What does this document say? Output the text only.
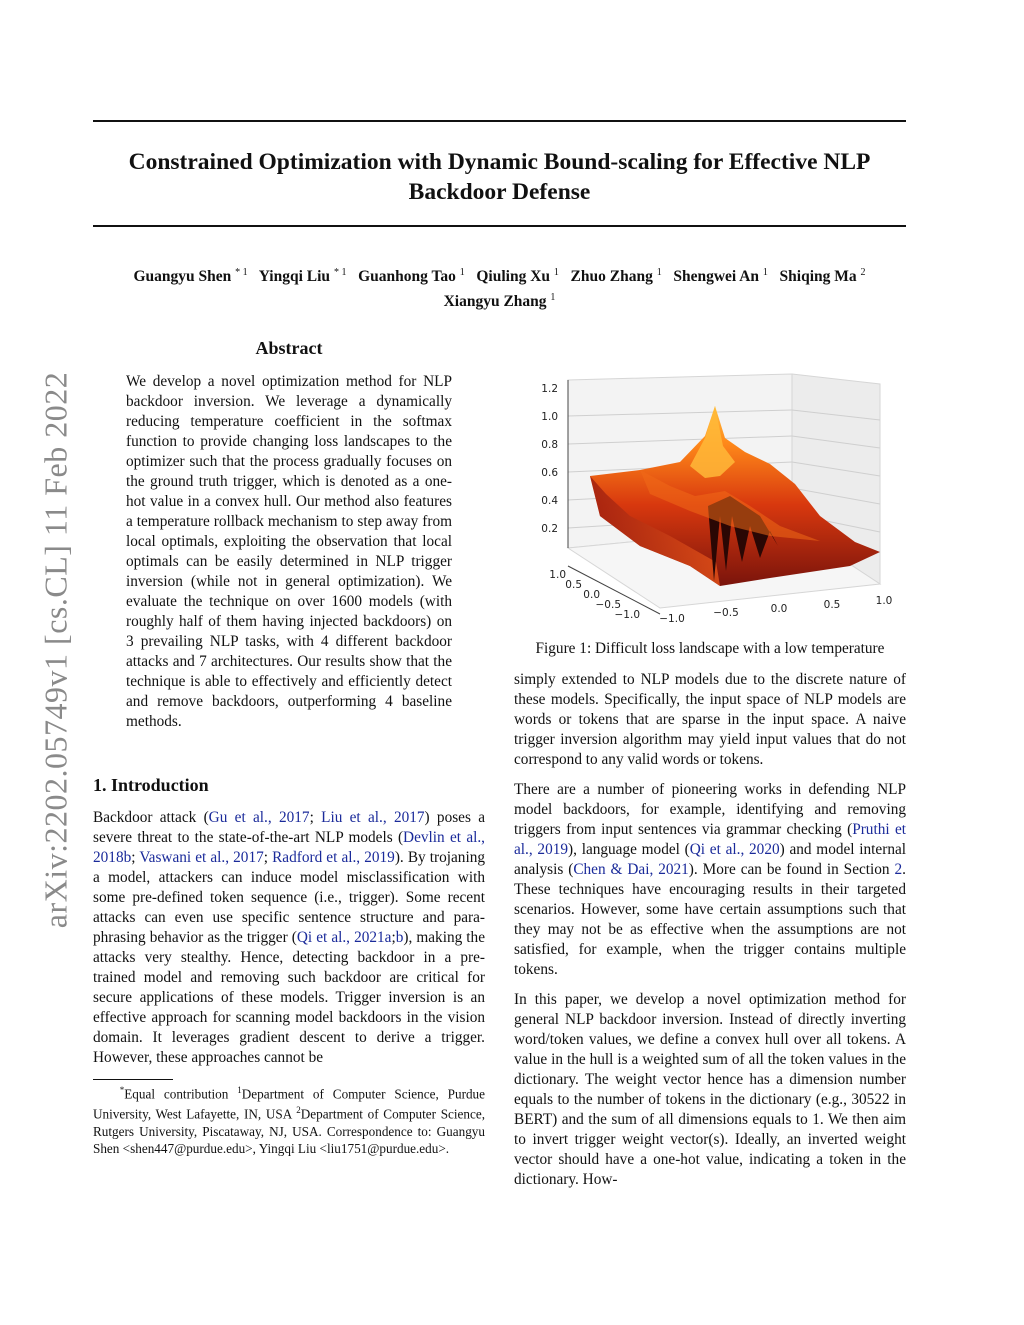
Constrained Optimization with Dynamic Bound-scaling for Effective NLP Backdoor Defense
Guangyu Shen $^{* 1}$ Yingqi Liu $^{* 1}$ Guanhong Tao $^1$ Qiuling Xu $^1$ Zhuo Zhang $^1$ Shengwei An $^1$ Shiqing Ma $^2$
Xiangyu Zhang $^1$
arXiv:2202.05749v1 [cs.CL] 11 Feb 2022
Abstract
We develop a novel optimization method for NLP backdoor inversion. We leverage a dynamically reducing temperature coefficient in the softmax function to provide changing loss landscapes to the optimizer such that the process gradually focuses on the ground truth trigger, which is denoted as a one-hot value in a convex hull. Our method also features a temperature rollback mechanism to step away from local optimals, exploiting the observation that local optimals can be easily determined in NLP trigger inversion (while not in general optimization). We evaluate the technique on over 1600 models (with roughly half of them having injected backdoors) on 3 prevailing NLP tasks, with 4 different backdoor attacks and 7 architectures. Our results show that the technique is able to effectively and efficiently detect and remove backdoors, outperforming 4 baseline methods.
1. Introduction
Backdoor attack (Gu et al., 2017; Liu et al., 2017) poses a severe threat to the state-of-the-art NLP models (Devlin et al., 2018b; Vaswani et al., 2017; Radford et al., 2019). By trojaning a model, attackers can induce model misclassification with some pre-defined token sequence (i.e., trigger). Some recent attacks can even use specific sentence structure and para-phrasing behavior as the trigger (Qi et al., 2021a;b), making the attacks very stealthy. Hence, detecting backdoor in a pre-trained model and removing such backdoor are critical for secure applications of these models. Trigger inversion is an effective approach for scanning model backdoors in the vision domain. It leverages gradient descent to derive a trigger. However, these approaches cannot be
*Equal contribution $^1$Department of Computer Science, Purdue University, West Lafayette, IN, USA $^2$Department of Computer Science, Rutgers University, Piscataway, NJ, USA. Correspondence to: Guangyu Shen <shen447@purdue.edu>, Yingqi Liu <liu1751@purdue.edu>.
1.2
1.0
0.8
0.6
0.4
0.2
1.0
0.5
0.0
−0.5
−1.0 −1.0	−0.5	0.0	0.5	1.0
Figure 1: Difficult loss landscape with a low temperature

simply extended to NLP models due to the discrete nature of these models. Specifically, the input space of NLP models are words or tokens that are sparse in the input space. A naive trigger inversion algorithm may yield input values that do not correspond to any valid words or tokens.

There are a number of pioneering works in defending NLP model backdoors, for example, identifying and removing triggers from input sentences via grammar checking (Pruthi et al., 2019), language model (Qi et al., 2020) and model internal analysis (Chen & Dai, 2021). More can be found in Section 2. These techniques have encouraging results in their targeted scenarios. However, some have certain assumptions such that they may not be as effective when the assumptions are not satisfied, for example, when the trigger contains multiple tokens.

In this paper, we develop a novel optimization method for general NLP backdoor inversion. Instead of directly inverting word/token values, we define a convex hull over all tokens. A value in the hull is a weighted sum of all the token values in the dictionary. The weight vector hence has a dimension number equals to the number of tokens in the dictionary (e.g., 30522 in BERT) and the sum of all dimensions equals to 1. We then aim to invert trigger weight vector(s). Ideally, an inverted weight vector should have a one-hot value, indicating a token in the dictionary. How-
